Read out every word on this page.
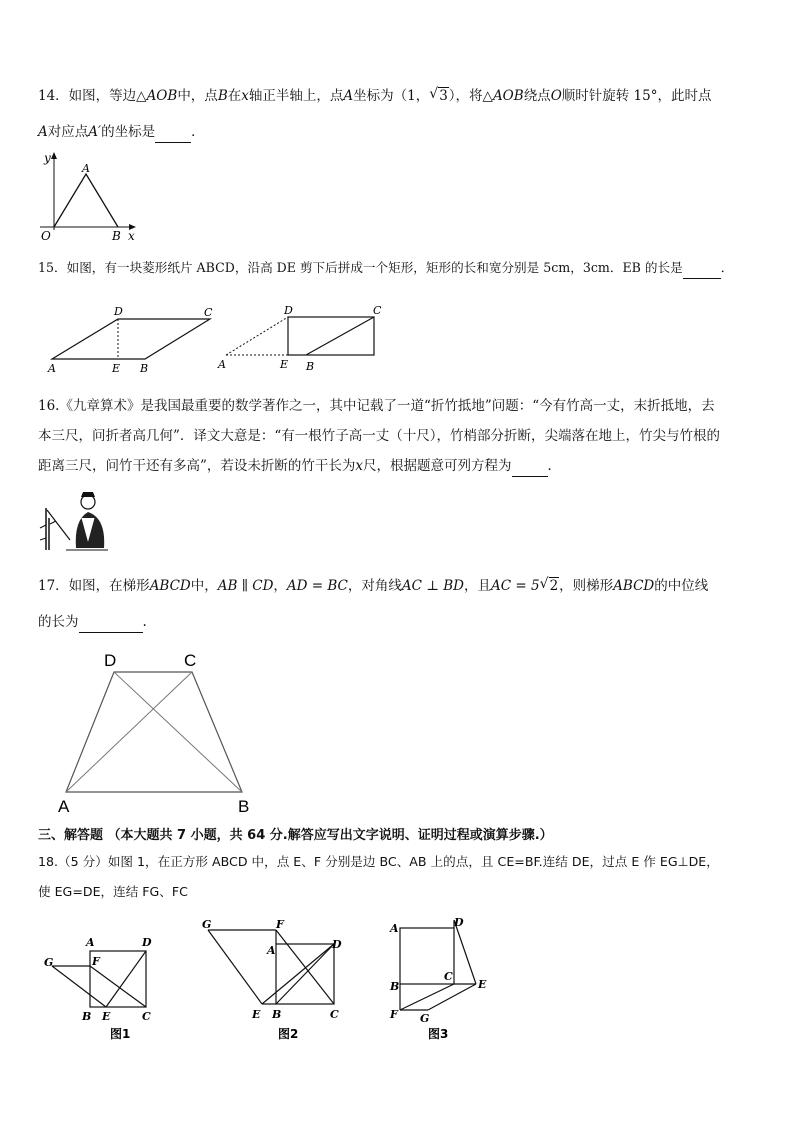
14．如图，等边△AOB中，点B在x轴正半轴上，点A坐标为（1， √ 3），将△AOB绕点O顺时针旋转 15°，此时点
A对应点A′的坐标是	．
y
A
O	B x
15．如图，有一块菱形纸片 ABCD，沿高 DE 剪下后拼成一个矩形，矩形的长和宽分别是 5cm，3cm．EB 的长是	．
D	C
A	E B
D	C
A	E B
16.《九章算术》是我国最重要的数学著作之一，其中记载了一道“折竹抵地”问题：“今有竹高一丈，末折抵地，去
本三尺，问折者高几何”．译文大意是：“有一根竹子高一丈（十尺），竹梢部分折断，尖端落在地上，竹尖与竹根的
距离三尺，问竹干还有多高”，若设未折断的竹干长为x尺，根据题意可列方程为	．
17．如图，在梯形ABCD中，AB ∥ CD，AD = BC，对角线AC ⊥ BD，且AC = 5 √ 2，则梯形ABCD的中位线
的长为	.
D	C
A	B
三、解答题 （本大题共 7 小题，共 64 分.解答应写出文字说明、证明过程或演算步骤.）
18.（5 分）如图 1，在正方形 ABCD 中，点 E、F 分别是边 BC、AB 上的点，且 CE=BF.连结 DE，过点 E 作 EG⊥DE，
使 EG=DE，连结 FG、FC
A	D
G	F
B E	C
图1
G	F
A	D
E B	C
图2
A	D
C
B	E
F G
图3
